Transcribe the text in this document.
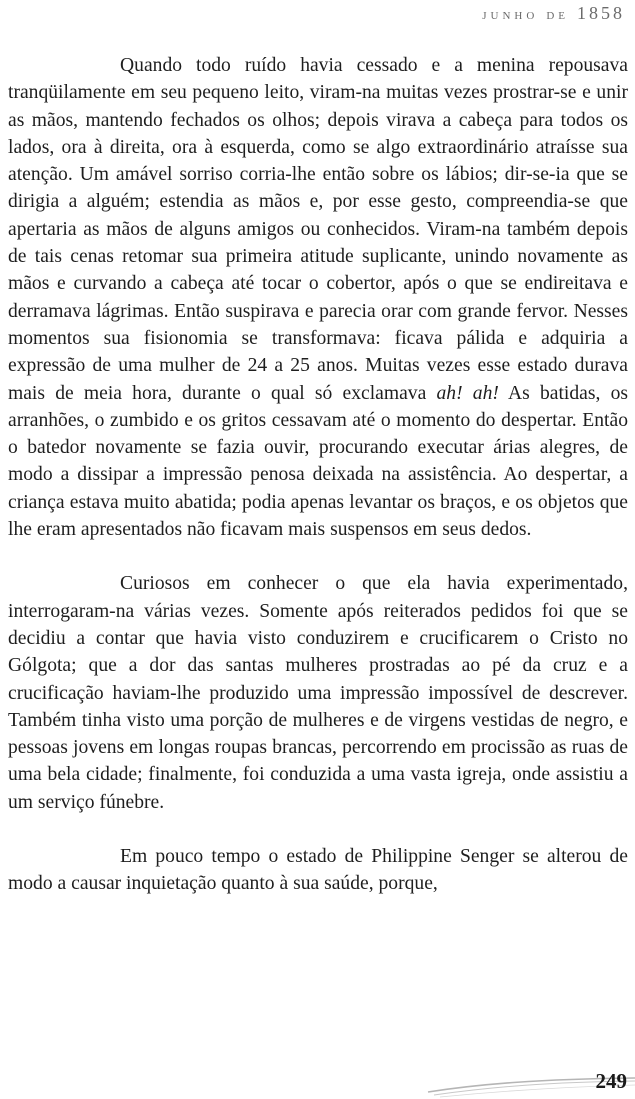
junho de 1858

Quando todo ruído havia cessado e a menina repousava tranqüilamente em seu pequeno leito, viram-na muitas vezes prostrar-se e unir as mãos, mantendo fechados os olhos; depois virava a cabeça para todos os lados, ora à direita, ora à esquerda, como se algo extraordinário atraísse sua atenção. Um amável sorriso corria-lhe então sobre os lábios; dir-se-ia que se dirigia a alguém; estendia as mãos e, por esse gesto, compreendia-se que apertaria as mãos de alguns amigos ou conhecidos. Viram-na também depois de tais cenas retomar sua primeira atitude suplicante, unindo novamente as mãos e curvando a cabeça até tocar o cobertor, após o que se endireitava e derramava lágrimas. Então suspirava e parecia orar com grande fervor. Nesses momentos sua fisionomia se transformava: ficava pálida e adquiria a expressão de uma mulher de 24 a 25 anos. Muitas vezes esse estado durava mais de meia hora, durante o qual só exclamava ah! ah! As batidas, os arranhões, o zumbido e os gritos cessavam até o momento do despertar. Então o batedor novamente se fazia ouvir, procurando executar árias alegres, de modo a dissipar a impressão penosa deixada na assistência. Ao despertar, a criança estava muito abatida; podia apenas levantar os braços, e os objetos que lhe eram apresentados não ficavam mais suspensos em seus dedos.

Curiosos em conhecer o que ela havia experimentado, interrogaram-na várias vezes. Somente após reiterados pedidos foi que se decidiu a contar que havia visto conduzirem e crucificarem o Cristo no Gólgota; que a dor das santas mulheres prostradas ao pé da cruz e a crucificação haviam-lhe produzido uma impressão impossível de descrever. Também tinha visto uma porção de mulheres e de virgens vestidas de negro, e pessoas jovens em longas roupas brancas, percorrendo em procissão as ruas de uma bela cidade; finalmente, foi conduzida a uma vasta igreja, onde assistiu a um serviço fúnebre.

Em pouco tempo o estado de Philippine Senger se alterou de modo a causar inquietação quanto à sua saúde, porque,

249
